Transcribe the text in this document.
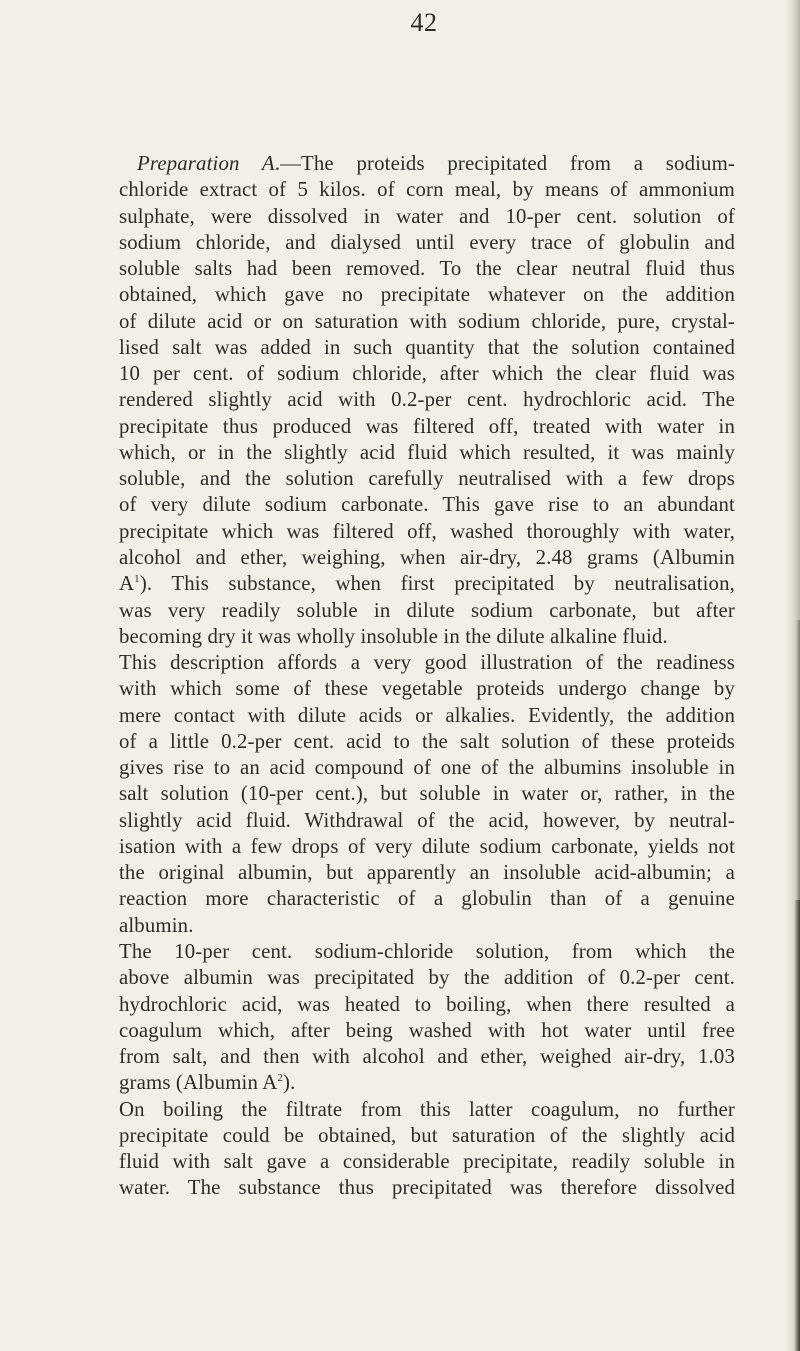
42
Preparation A.—The proteids precipitated from a sodium-
chloride extract of 5 kilos. of corn meal, by means of ammonium
sulphate, were dissolved in water and 10-per cent. solution of
sodium chloride, and dialysed until every trace of globulin and
soluble salts had been removed. To the clear neutral fluid thus
obtained, which gave no precipitate whatever on the addition
of dilute acid or on saturation with sodium chloride, pure, crystal-
lised salt was added in such quantity that the solution contained
10 per cent. of sodium chloride, after which the clear fluid was
rendered slightly acid with 0.2-per cent. hydrochloric acid. The
precipitate thus produced was filtered off, treated with water in
which, or in the slightly acid fluid which resulted, it was mainly
soluble, and the solution carefully neutralised with a few drops
of very dilute sodium carbonate. This gave rise to an abundant
precipitate which was filtered off, washed thoroughly with water,
alcohol and ether, weighing, when air-dry, 2.48 grams (Albumin
$A^1$). This substance, when first precipitated by neutralisation,
was very readily soluble in dilute sodium carbonate, but after
becoming dry it was wholly insoluble in the dilute alkaline fluid.
This description affords a very good illustration of the readiness
with which some of these vegetable proteids undergo change by
mere contact with dilute acids or alkalies. Evidently, the addition
of a little 0.2-per cent. acid to the salt solution of these proteids
gives rise to an acid compound of one of the albumins insoluble in
salt solution (10-per cent.), but soluble in water or, rather, in the
slightly acid fluid. Withdrawal of the acid, however, by neutral-
isation with a few drops of very dilute sodium carbonate, yields not
the original albumin, but apparently an insoluble acid-albumin; a
reaction more characteristic of a globulin than of a genuine
albumin.
The 10-per cent. sodium-chloride solution, from which the
above albumin was precipitated by the addition of 0.2-per cent.
hydrochloric acid, was heated to boiling, when there resulted a
coagulum which, after being washed with hot water until free
from salt, and then with alcohol and ether, weighed air-dry, 1.03
grams (Albumin $A^2$).
On boiling the filtrate from this latter coagulum, no further
precipitate could be obtained, but saturation of the slightly acid
fluid with salt gave a considerable precipitate, readily soluble in
water. The substance thus precipitated was therefore dissolved
